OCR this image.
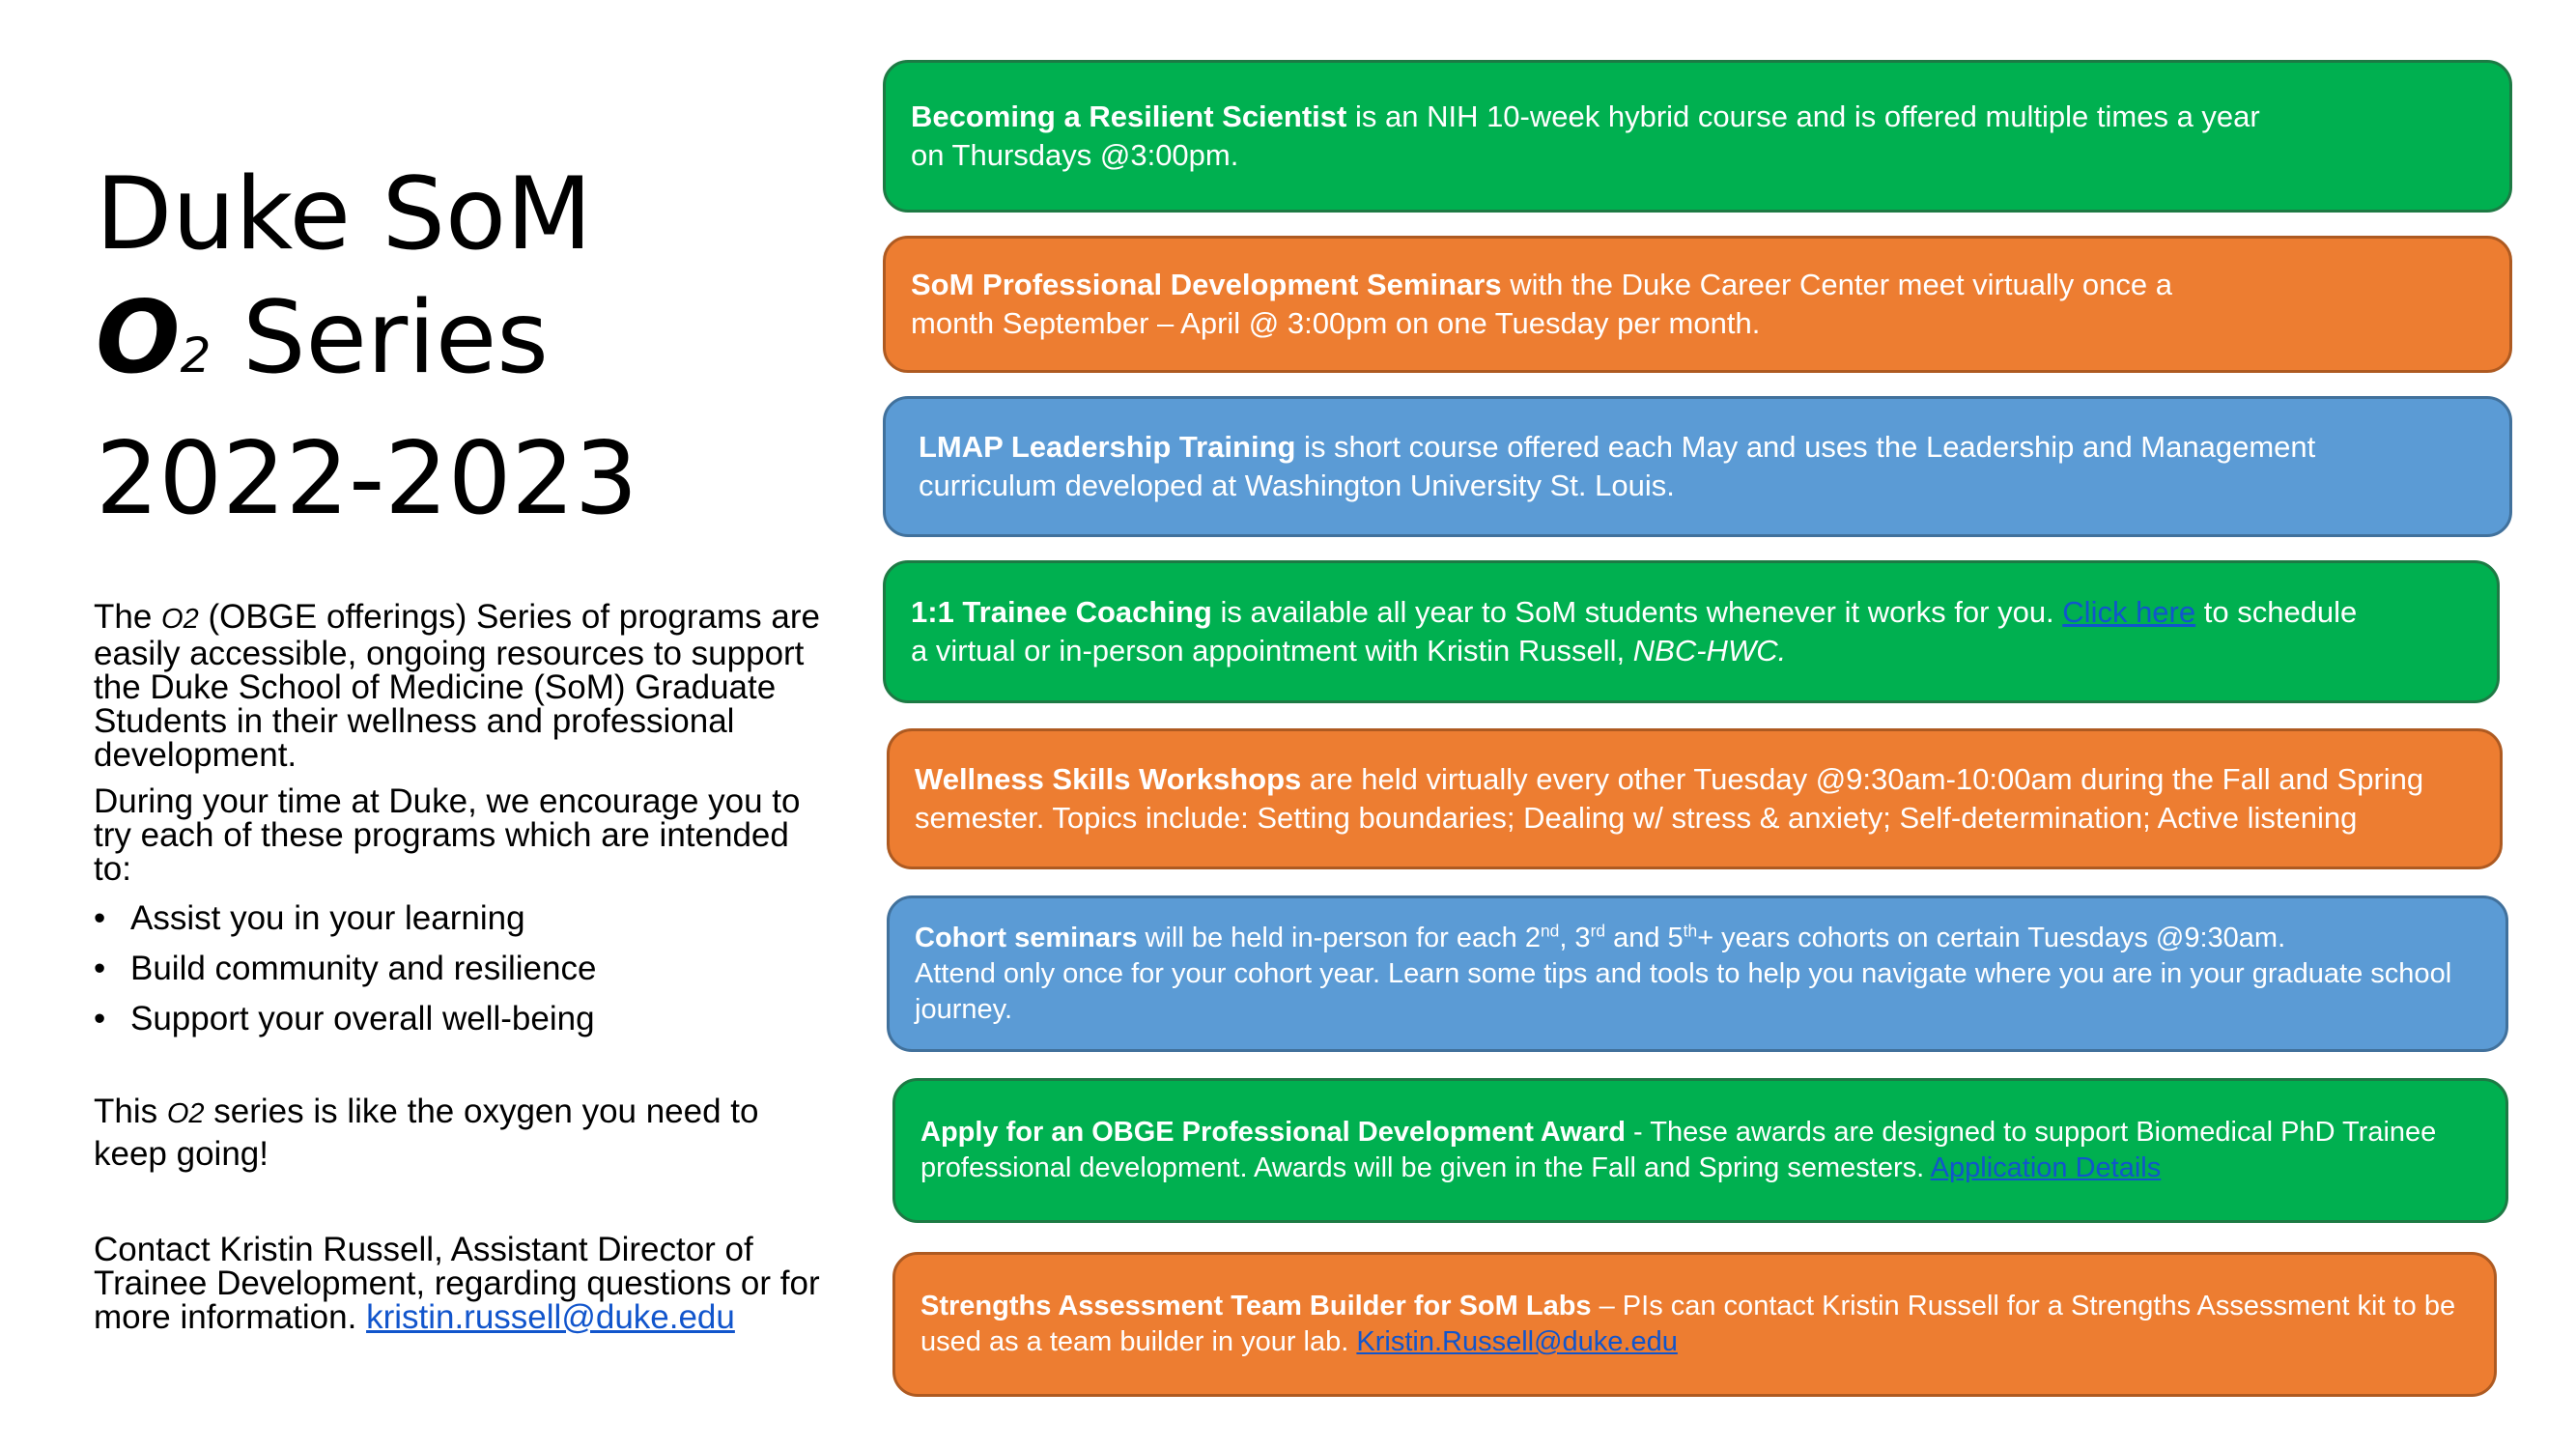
Duke SoM
O2 Series
2022-2023
The O2 (OBGE offerings) Series of programs are easily accessible, ongoing resources to support the Duke School of Medicine (SoM) Graduate Students in their wellness and professional development.
During your time at Duke, we encourage you to try each of these programs which are intended to:
• Assist you in your learning
• Build community and resilience
• Support your overall well-being
This O2 series is like the oxygen you need to keep going!
Contact Kristin Russell, Assistant Director of Trainee Development, regarding questions or for more information. kristin.russell@duke.edu
Becoming a Resilient Scientist is an NIH 10-week hybrid course and is offered multiple times a year
on Thursdays @3:00pm.
SoM Professional Development Seminars with the Duke Career Center meet virtually once a
month September – April @ 3:00pm on one Tuesday per month.
LMAP Leadership Training is short course offered each May and uses the Leadership and Management
curriculum developed at Washington University St. Louis.
1:1 Trainee Coaching is available all year to SoM students whenever it works for you. Click here to schedule
a virtual or in-person appointment with Kristin Russell, NBC-HWC.
Wellness Skills Workshops are held virtually every other Tuesday @9:30am-10:00am during the Fall and Spring semester. Topics include: Setting boundaries; Dealing w/ stress & anxiety; Self-determination; Active listening
Cohort seminars will be held in-person for each 2nd, 3rd and 5th+ years cohorts on certain Tuesdays @9:30am.
Attend only once for your cohort year. Learn some tips and tools to help you navigate where you are in your graduate school journey.
Apply for an OBGE Professional Development Award - These awards are designed to support Biomedical PhD Trainee professional development. Awards will be given in the Fall and Spring semesters. Application Details
Strengths Assessment Team Builder for SoM Labs – PIs can contact Kristin Russell for a Strengths Assessment kit to be used as a team builder in your lab. Kristin.Russell@duke.edu
